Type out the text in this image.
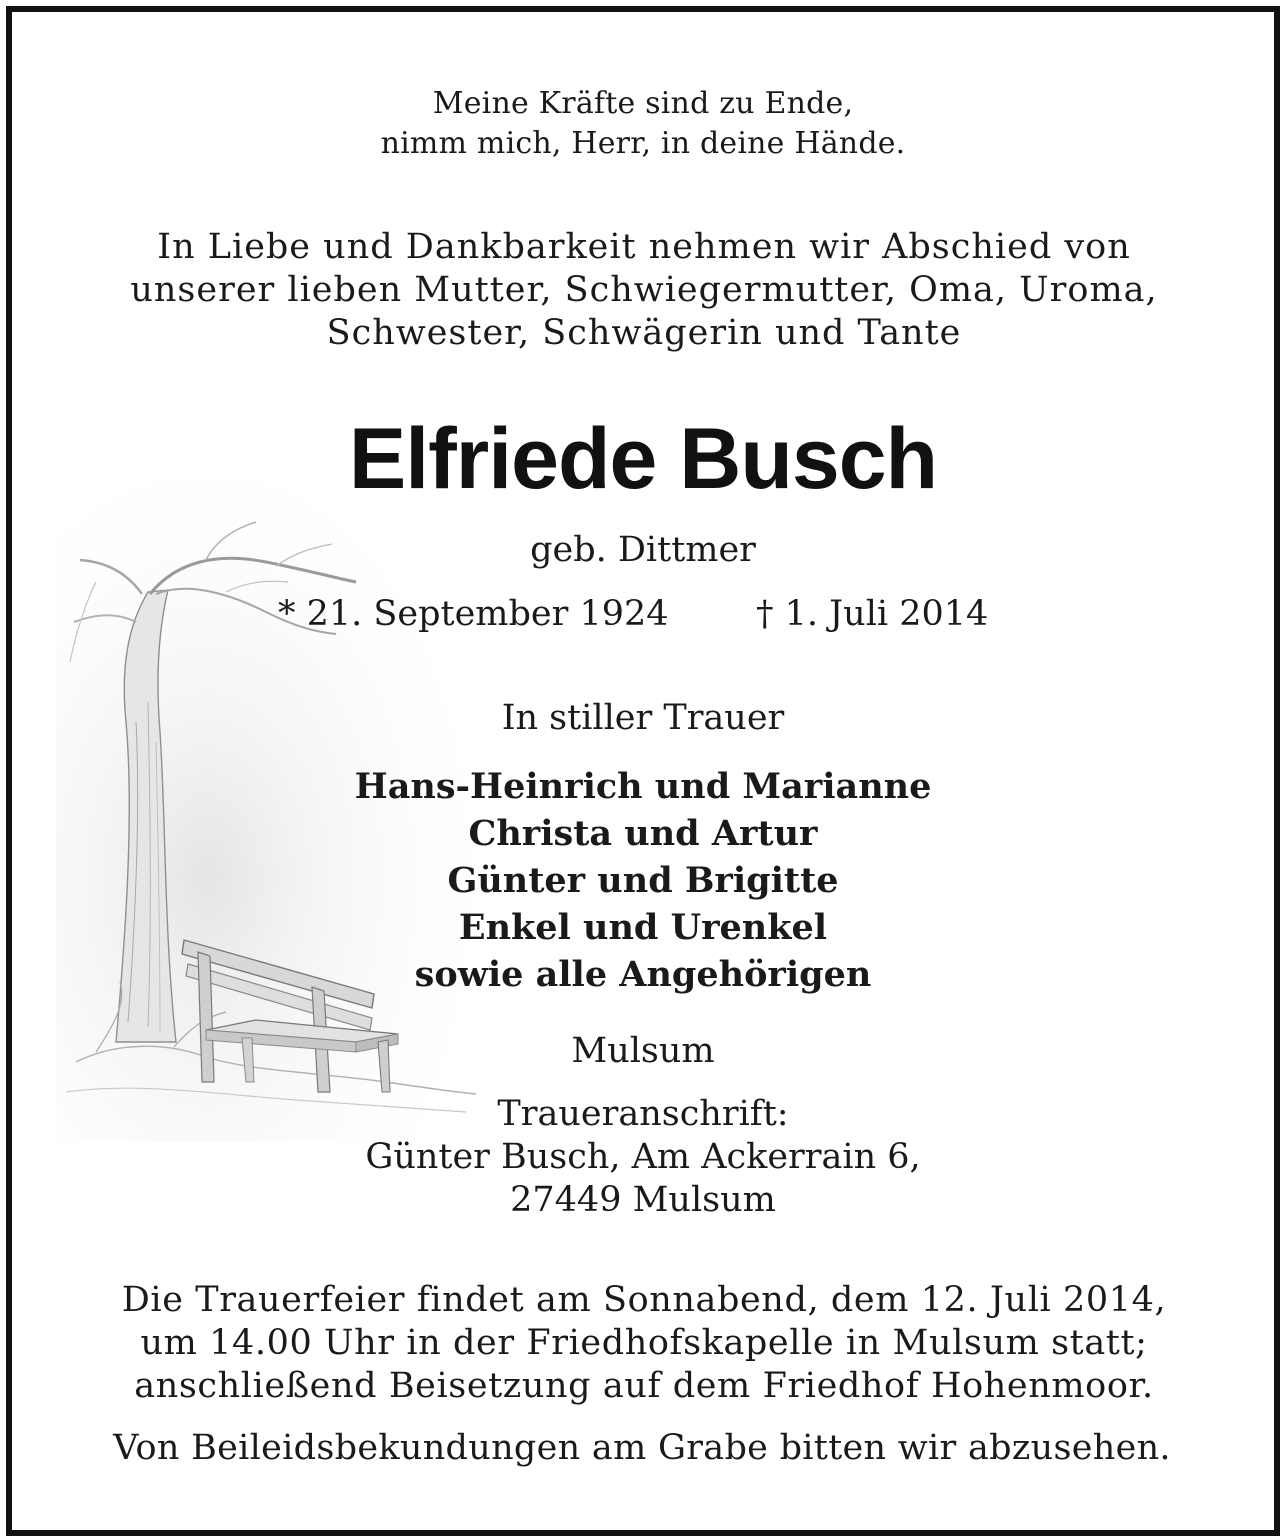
Meine Kräfte sind zu Ende,
nimm mich, Herr, in deine Hände.
In Liebe und Dankbarkeit nehmen wir Abschied von
unserer lieben Mutter, Schwiegermutter, Oma, Uroma,
Schwester, Schwägerin und Tante
Elfriede Busch
geb. Dittmer
* 21. September 1924 † 1. Juli 2014
In stiller Trauer
Hans-Heinrich und Marianne
Christa und Artur
Günter und Brigitte
Enkel und Urenkel
sowie alle Angehörigen
Mulsum
Traueranschrift:
Günter Busch, Am Ackerrain 6,
27449 Mulsum
Die Trauerfeier findet am Sonnabend, dem 12. Juli 2014,
um 14.00 Uhr in der Friedhofskapelle in Mulsum statt;
anschließend Beisetzung auf dem Friedhof Hohenmoor.
Von Beileidsbekundungen am Grabe bitten wir abzusehen.
